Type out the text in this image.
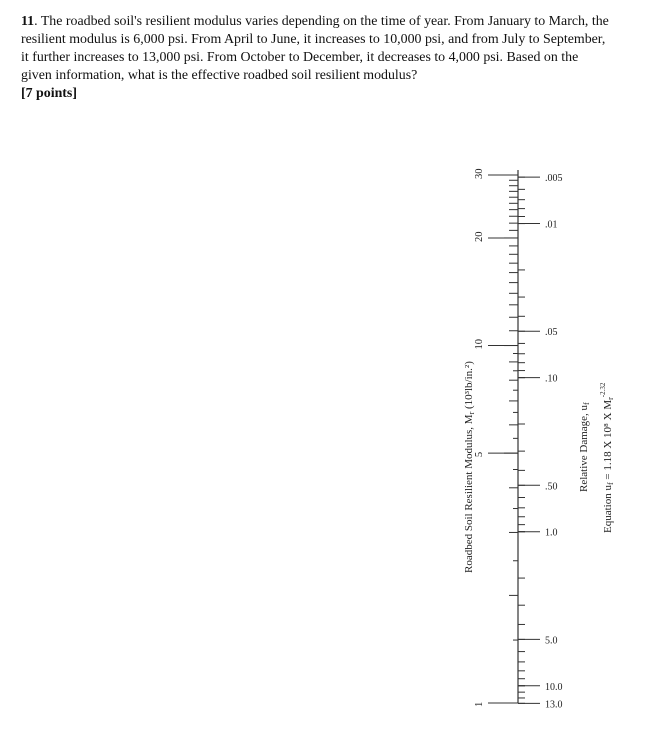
11. The roadbed soil's resilient modulus varies depending on the time of year. From January to March, the resilient modulus is 6,000 psi. From April to June, it increases to 10,000 psi, and from July to September, it further increases to 13,000 psi. From October to December, it decreases to 4,000 psi. Based on the given information, what is the effective roadbed soil resilient modulus?

[7 points]

30
20
10
5
1
.005
.01
.05
.10
.50
1.0
5.0
10.0
13.0
Roadbed Soil Resilient Modulus, Mr (10³lb/in.²)
Relative Damage, uf
Equation uf = 1.18 X 10⁸ X $Mr^{-2.32}$
